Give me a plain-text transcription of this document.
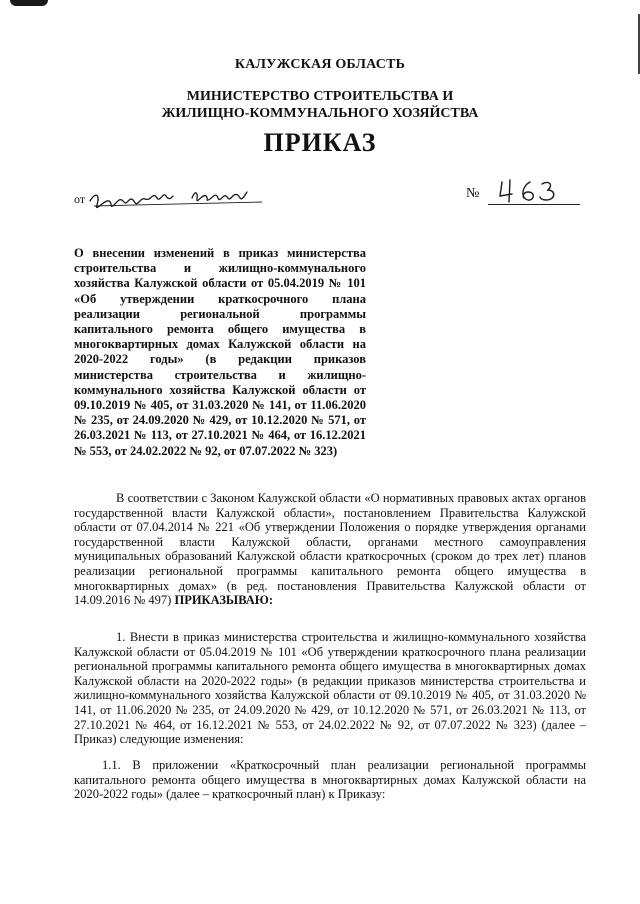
КАЛУЖСКАЯ ОБЛАСТЬ
МИНИСТЕРСТВО СТРОИТЕЛЬСТВА И
ЖИЛИЩНО-КОММУНАЛЬНОГО ХОЗЯЙСТВА
ПРИКАЗ
от	№
О внесении изменений в приказ министерства строительства и жилищно-коммунального хозяйства Калужской области от 05.04.2019 № 101 «Об утверждении краткосрочного плана реализации региональной программы капитального ремонта общего имущества в многоквартирных домах Калужской области на 2020-2022 годы» (в редакции приказов министерства строительства и жилищно-коммунального хозяйства Калужской области от 09.10.2019 № 405, от 31.03.2020 № 141, от 11.06.2020 № 235, от 24.09.2020 № 429, от 10.12.2020 № 571, от 26.03.2021 № 113, от 27.10.2021 № 464, от 16.12.2021 № 553, от 24.02.2022 № 92, от 07.07.2022 № 323)
В соответствии с Законом Калужской области «О нормативных правовых актах органов государственной власти Калужской области», постановлением Правительства Калужской области от 07.04.2014 № 221 «Об утверждении Положения о порядке утверждения органами государственной власти Калужской области, органами местного самоуправления муниципальных образований Калужской области краткосрочных (сроком до трех лет) планов реализации региональной программы капитального ремонта общего имущества в многоквартирных домах» (в ред. постановления Правительства Калужской области от 14.09.2016 № 497) ПРИКАЗЫВАЮ:
1. Внести в приказ министерства строительства и жилищно-коммунального хозяйства Калужской области от 05.04.2019 № 101 «Об утверждении краткосрочного плана реализации региональной программы капитального ремонта общего имущества в многоквартирных домах Калужской области на 2020-2022 годы» (в редакции приказов министерства строительства и жилищно-коммунального хозяйства Калужской области от 09.10.2019 № 405, от 31.03.2020 № 141, от 11.06.2020 № 235, от 24.09.2020 № 429, от 10.12.2020 № 571, от 26.03.2021 № 113, от 27.10.2021 № 464, от 16.12.2021 № 553, от 24.02.2022 № 92, от 07.07.2022 № 323) (далее – Приказ) следующие изменения:
1.1. В приложении «Краткосрочный план реализации региональной программы капитального ремонта общего имущества в многоквартирных домах Калужской области на 2020-2022 годы» (далее – краткосрочный план) к Приказу:
